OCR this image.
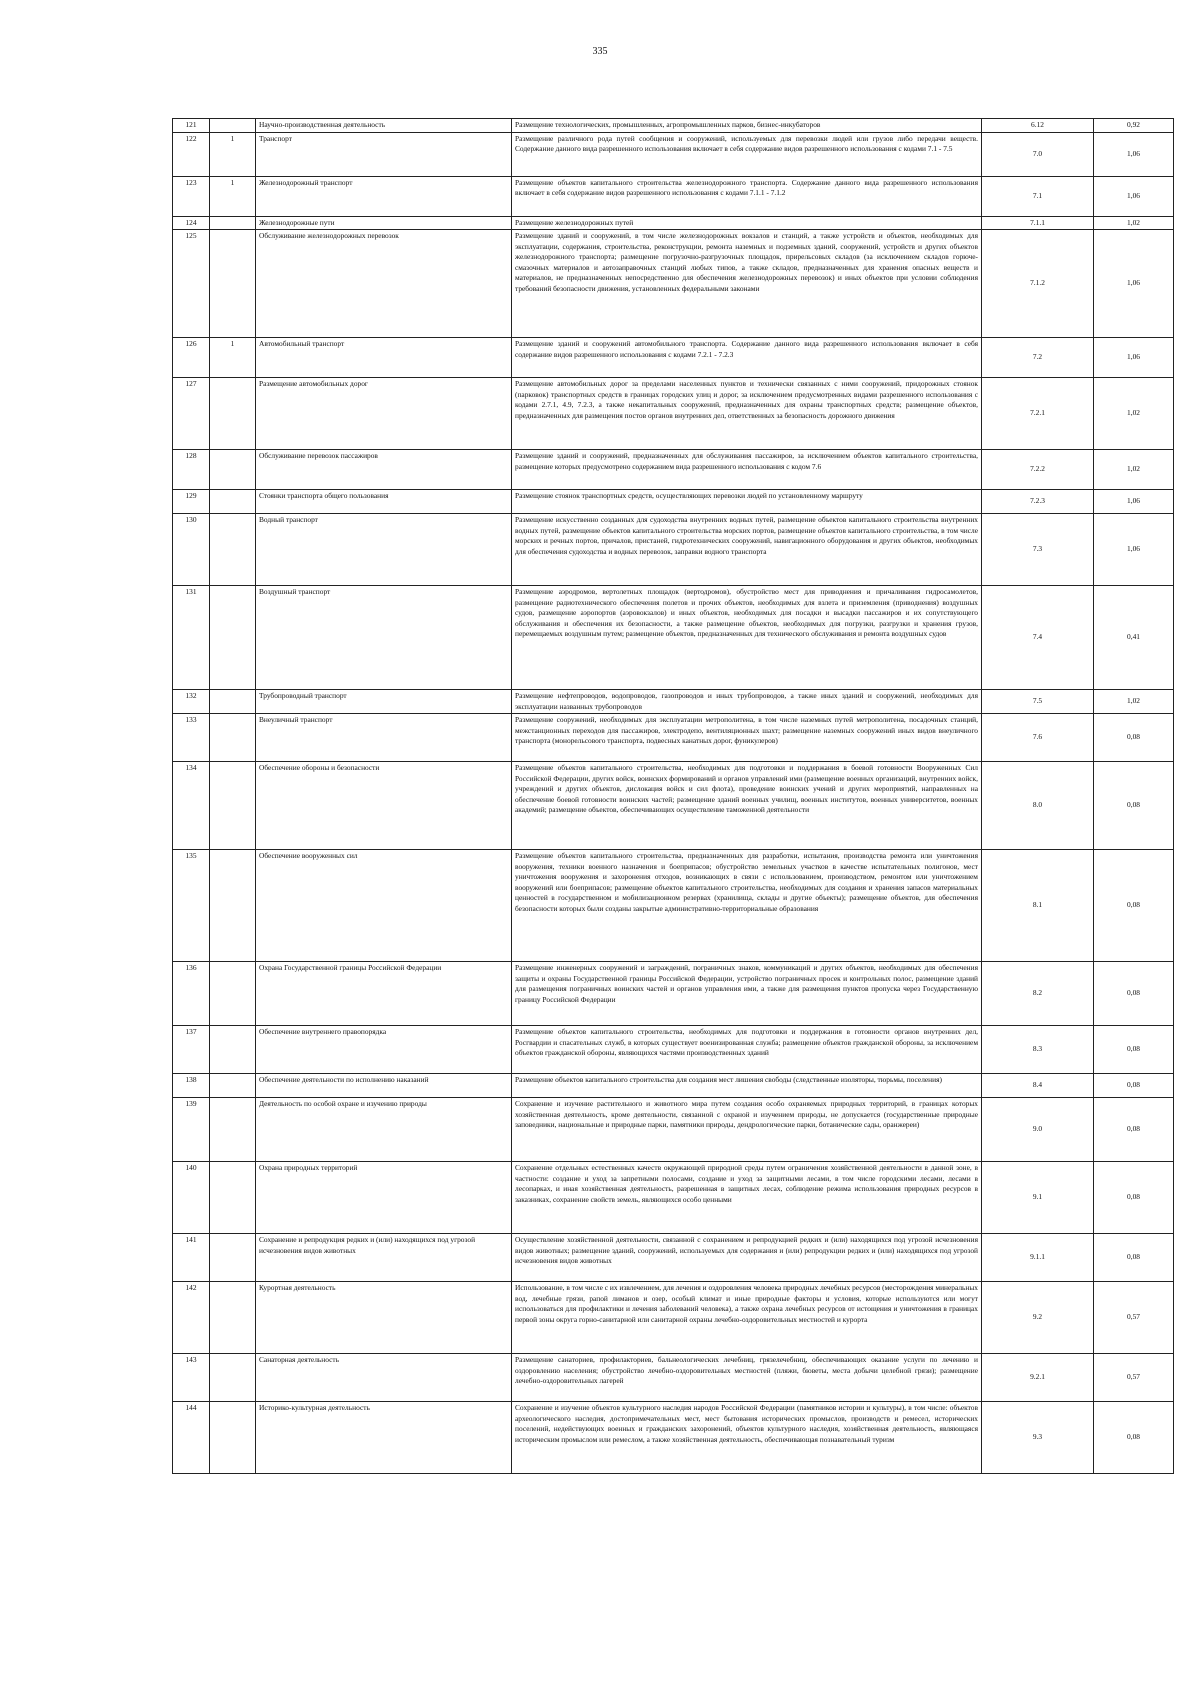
335
121		Научно-производственная деятельность	Размещение технологических, промышленных, агропромышленных парков, бизнес-инкубаторов	6.12	0,92
122	1	Транспорт	Размещение различного рода путей сообщения и сооружений, используемых для перевозки людей или грузов либо передачи веществ. Содержание данного вида разрешенного использования включает в себя содержание видов разрешенного использования с кодами 7.1 - 7.5	7.0	1,06
123	1	Железнодорожный транспорт	Размещение объектов капитального строительства железнодорожного транспорта. Содержание данного вида разрешенного использования включает в себя содержание видов разрешенного использования с кодами 7.1.1 - 7.1.2	7.1	1,06
124		Железнодорожные пути	Размещение железнодорожных путей	7.1.1	1,02
125		Обслуживание железнодорожных перевозок	Размещение зданий и сооружений, в том числе железнодорожных вокзалов и станций, а также устройств и объектов, необходимых для эксплуатации, содержания, строительства, реконструкции, ремонта наземных и подземных зданий, сооружений, устройств и других объектов железнодорожного транспорта; размещение погрузочно-разгрузочных площадок, прирельсовых складов (за исключением складов горюче-смазочных материалов и автозаправочных станций любых типов, а также складов, предназначенных для хранения опасных веществ и материалов, не предназначенных непосредственно для обеспечения железнодорожных перевозок) и иных объектов при условии соблюдения требований безопасности движения, установленных федеральными законами	7.1.2	1,06
126	1	Автомобильный транспорт	Размещение зданий и сооружений автомобильного транспорта. Содержание данного вида разрешенного использования включает в себя содержание видов разрешенного использования с кодами 7.2.1 - 7.2.3	7.2	1,06
127		Размещение автомобильных дорог	Размещение автомобильных дорог за пределами населенных пунктов и технически связанных с ними сооружений, придорожных стоянок (парковок) транспортных средств в границах городских улиц и дорог, за исключением предусмотренных видами разрешенного использования с кодами 2.7.1, 4.9, 7.2.3, а также некапитальных сооружений, предназначенных для охраны транспортных средств; размещение объектов, предназначенных для размещения постов органов внутренних дел, ответственных за безопасность дорожного движения	7.2.1	1,02
128		Обслуживание перевозок пассажиров	Размещение зданий и сооружений, предназначенных для обслуживания пассажиров, за исключением объектов капитального строительства, размещение которых предусмотрено содержанием вида разрешенного использования с кодом 7.6	7.2.2	1,02
129		Стоянки транспорта общего пользования	Размещение стоянок транспортных средств, осуществляющих перевозки людей по установленному маршруту	7.2.3	1,06
130		Водный транспорт	Размещение искусственно созданных для судоходства внутренних водных путей, размещение объектов капитального строительства внутренних водных путей, размещение объектов капитального строительства морских портов, размещение объектов капитального строительства, в том числе морских и речных портов, причалов, пристаней, гидротехнических сооружений, навигационного оборудования и других объектов, необходимых для обеспечения судоходства и водных перевозок, заправки водного транспорта	7.3	1,06
131		Воздушный транспорт	Размещение аэродромов, вертолетных площадок (вертодромов), обустройство мест для приводнения и причаливания гидросамолетов, размещение радиотехнического обеспечения полетов и прочих объектов, необходимых для взлета и приземления (приводнения) воздушных судов, размещение аэропортов (аэровокзалов) и иных объектов, необходимых для посадки и высадки пассажиров и их сопутствующего обслуживания и обеспечения их безопасности, а также размещение объектов, необходимых для погрузки, разгрузки и хранения грузов, перемещаемых воздушным путем; размещение объектов, предназначенных для технического обслуживания и ремонта воздушных судов	7.4	0,41
132		Трубопроводный транспорт	Размещение нефтепроводов, водопроводов, газопроводов и иных трубопроводов, а также иных зданий и сооружений, необходимых для эксплуатации названных трубопроводов	7.5	1,02
133		Внеуличный транспорт	Размещение сооружений, необходимых для эксплуатации метрополитена, в том числе наземных путей метрополитена, посадочных станций, межстанционных переходов для пассажиров, электродепо, вентиляционных шахт; размещение наземных сооружений иных видов внеуличного транспорта (монорельсового транспорта, подвесных канатных дорог, фуникулеров)	7.6	0,08
134		Обеспечение обороны и безопасности	Размещение объектов капитального строительства, необходимых для подготовки и поддержания в боевой готовности Вооруженных Сил Российской Федерации, других войск, воинских формирований и органов управлений ими (размещение военных организаций, внутренних войск, учреждений и других объектов, дислокация войск и сил флота), проведение воинских учений и других мероприятий, направленных на обеспечение боевой готовности воинских частей; размещение зданий военных училищ, военных институтов, военных университетов, военных академий; размещение объектов, обеспечивающих осуществление таможенной деятельности	8.0	0,08
135		Обеспечение вооруженных сил	Размещение объектов капитального строительства, предназначенных для разработки, испытания, производства ремонта или уничтожения вооружения, техники военного назначения и боеприпасов; обустройство земельных участков в качестве испытательных полигонов, мест уничтожения вооружения и захоронения отходов, возникающих в связи с использованием, производством, ремонтом или уничтожением вооружений или боеприпасов; размещение объектов капитального строительства, необходимых для создания и хранения запасов материальных ценностей в государственном и мобилизационном резервах (хранилища, склады и другие объекты); размещение объектов, для обеспечения безопасности которых были созданы закрытые административно-территориальные образования	8.1	0,08
136		Охрана Государственной границы Российской Федерации	Размещение инженерных сооружений и заграждений, пограничных знаков, коммуникаций и других объектов, необходимых для обеспечения защиты и охраны Государственной границы Российской Федерации, устройство пограничных просек и контрольных полос, размещение зданий для размещения пограничных воинских частей и органов управления ими, а также для размещения пунктов пропуска через Государственную границу Российской Федерации	8.2	0,08
137		Обеспечение внутреннего правопорядка	Размещение объектов капитального строительства, необходимых для подготовки и поддержания в готовности органов внутренних дел, Росгвардии и спасательных служб, в которых существует военизированная служба; размещение объектов гражданской обороны, за исключением объектов гражданской обороны, являющихся частями производственных зданий	8.3	0,08
138		Обеспечение деятельности по исполнению наказаний	Размещение объектов капитального строительства для создания мест лишения свободы (следственные изоляторы, тюрьмы, поселения)	8.4	0,08
139		Деятельность по особой охране и изучению природы	Сохранение и изучение растительного и животного мира путем создания особо охраняемых природных территорий, в границах которых хозяйственная деятельность, кроме деятельности, связанной с охраной и изучением природы, не допускается (государственные природные заповедники, национальные и природные парки, памятники природы, дендрологические парки, ботанические сады, оранжереи)	9.0	0,08
140		Охрана природных территорий	Сохранение отдельных естественных качеств окружающей природной среды путем ограничения хозяйственной деятельности в данной зоне, в частности: создание и уход за запретными полосами, создание и уход за защитными лесами, в том числе городскими лесами, лесами в лесопарках, и иная хозяйственная деятельность, разрешенная в защитных лесах, соблюдение режима использования природных ресурсов в заказниках, сохранение свойств земель, являющихся особо ценными	9.1	0,08
141		Сохранение и репродукция редких и (или) находящихся под угрозой исчезновения видов животных	Осуществление хозяйственной деятельности, связанной с сохранением и репродукцией редких и (или) находящихся под угрозой исчезновения видов животных; размещение зданий, сооружений, используемых для содержания и (или) репродукции редких и (или) находящихся под угрозой исчезновения видов животных	9.1.1	0,08
142		Курортная деятельность	Использование, в том числе с их извлечением, для лечения и оздоровления человека природных лечебных ресурсов (месторождения минеральных вод, лечебные грязи, рапой лиманов и озер, особый климат и иные природные факторы и условия, которые используются или могут использоваться для профилактики и лечения заболеваний человека), а также охрана лечебных ресурсов от истощения и уничтожения в границах первой зоны округа горно-санитарной или санитарной охраны лечебно-оздоровительных местностей и курорта	9.2	0,57
143		Санаторная деятельность	Размещение санаториев, профилакториев, бальнеологических лечебниц, грязелечебниц, обеспечивающих оказание услуги по лечению и оздоровлению населения; обустройство лечебно-оздоровительных местностей (пляжи, бюветы, места добычи целебной грязи); размещение лечебно-оздоровительных лагерей	9.2.1	0,57
144		Историко-культурная деятельность	Сохранение и изучение объектов культурного наследия народов Российской Федерации (памятников истории и культуры), в том числе: объектов археологического наследия, достопримечательных мест, мест бытования исторических промыслов, производств и ремесел, исторических поселений, недействующих военных и гражданских захоронений, объектов культурного наследия, хозяйственная деятельность, являющаяся историческим промыслом или ремеслом, а также хозяйственная деятельность, обеспечивающая познавательный туризм	9.3	0,08
